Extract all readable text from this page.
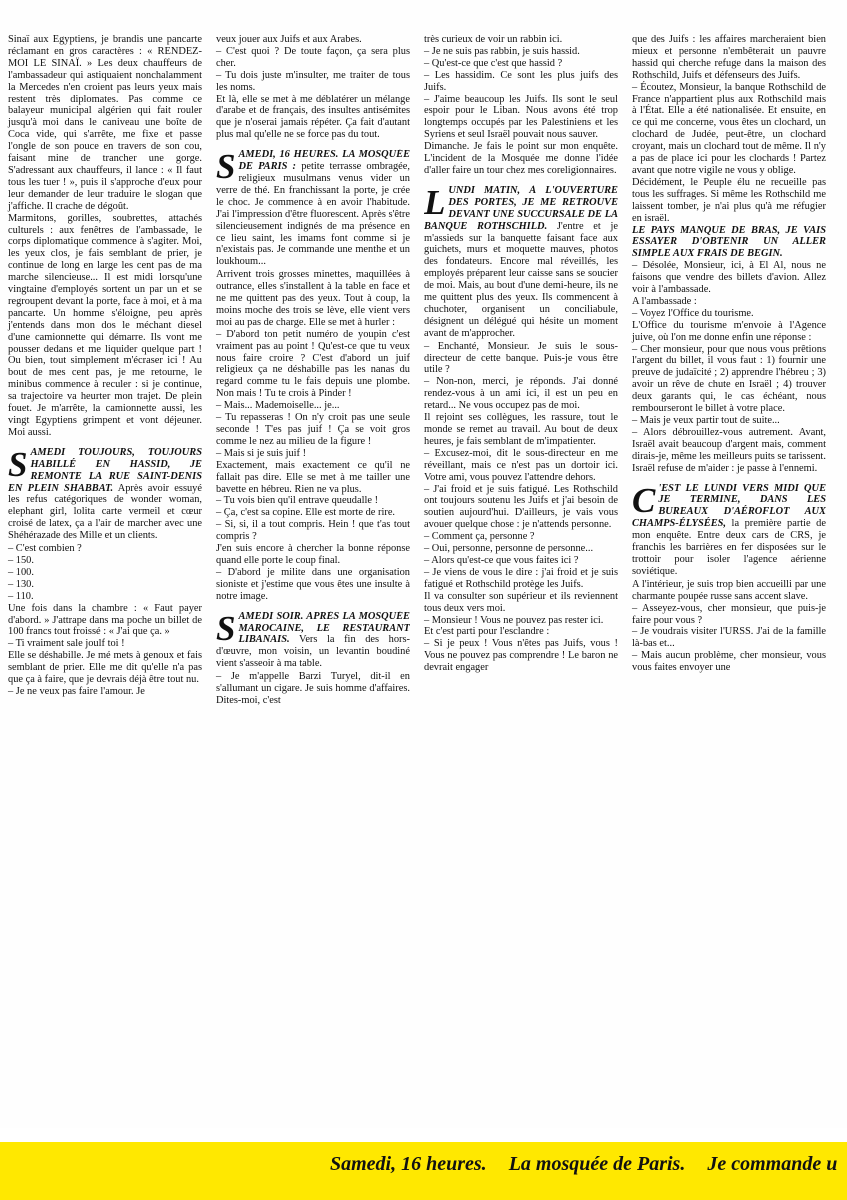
Sinaï aux Egyptiens, je brandis une pancarte réclamant en gros caractères : « RENDEZ-MOI LE SINAÏ. » Les deux chauffeurs de l'ambassadeur qui astiquaient nonchalamment la Mercedes n'en croient pas leurs yeux mais restent très diplomates. Pas comme ce balayeur municipal algérien qui fait rouler jusqu'à moi dans le caniveau une boîte de Coca vide, qui s'arrête, me fixe et passe l'ongle de son pouce en travers de son cou, faisant mine de trancher une gorge. S'adressant aux chauffeurs, il lance : « Il faut tous les tuer ! », puis il s'approche d'eux pour leur demander de leur traduire le slogan que j'affiche. Il crache de dégoût.

Marmitons, gorilles, soubrettes, attachés culturels : aux fenêtres de l'ambassade, le corps diplomatique commence à s'agiter. Moi, les yeux clos, je fais semblant de prier, je continue de long en large les cent pas de ma marche silencieuse... Il est midi lorsqu'une vingtaine d'employés sortent un par un et se regroupent devant la porte, face à moi, et à ma pancarte. Un homme s'éloigne, peu après j'entends dans mon dos le méchant diesel d'une camionnette qui démarre. Ils vont me pousser dedans et me liquider quelque part ! Ou bien, tout simplement m'écraser ici ! Au bout de mes cent pas, je me retourne, le minibus commence à reculer : si je continue, sa trajectoire va heurter mon trajet. De plein fouet. Je m'arrête, la camionnette aussi, les vingt Egyptiens grimpent et vont déjeuner. Moi aussi.

S AMEDI TOUJOURS, TOUJOURS HABILLÉ EN HASSID, JE REMONTE LA RUE SAINT-DENIS EN PLEIN SHABBAT. Après avoir essuyé les refus catégoriques de wonder woman, elephant girl, lolita carte vermeil et cœur croisé de latex, ça a l'air de marcher avec une Shéhérazade des Mille et un clients.

– C'est combien ?

– 150.

– 100.

– 130.

– 110.

Une fois dans la chambre : « Faut payer d'abord. » J'attrape dans ma poche un billet de 100 francs tout froissé : « J'ai que ça. »

– Ti vraiment sale joulf toi !

Elle se déshabille. Je mé mets à genoux et fais semblant de prier. Elle me dit qu'elle n'a pas que ça à faire, que je devrais déjà être tout nu.

– Je ne veux pas faire l'amour. Je

veux jouer aux Juifs et aux Arabes.

– C'est quoi ? De toute façon, ça sera plus cher.

– Tu dois juste m'insulter, me traiter de tous les noms.

Et là, elle se met à me déblatérer un mélange d'arabe et de français, des insultes antisémites que je n'oserai jamais répéter. Ça fait d'autant plus mal qu'elle ne se force pas du tout.

S AMEDI, 16 HEURES. LA MOSQUÉE DE PARIS : petite terrasse ombragée, religieux musulmans venus vider un verre de thé. En franchissant la porte, je crée le choc. Je commence à en avoir l'habitude. J'ai l'impression d'être fluorescent. Après s'être silencieusement indignés de ma présence en ce lieu saint, les imams font comme si je n'existais pas. Je commande une menthe et un loukhoum...

Arrivent trois grosses minettes, maquillées à outrance, elles s'installent à la table en face et ne me quittent pas des yeux. Tout à coup, la moins moche des trois se lève, elle vient vers moi au pas de charge. Elle se met à hurler :

– D'abord ton petit numéro de youpin c'est vraiment pas au point ! Qu'est-ce que tu veux nous faire croire ? C'est d'abord un juif religieux ça ne déshabille pas les nanas du regard comme tu le fais depuis une plombe. Non mais ! Tu te crois à Pinder !

– Mais... Mademoiselle... je...

– Tu repasseras ! On n'y croit pas une seule seconde ! T'es pas juif ! Ça se voit gros comme le nez au milieu de la figure !

– Mais si je suis juif !

Exactement, mais exactement ce qu'il ne fallait pas dire. Elle se met à me tailler une bavette en hébreu. Rien ne va plus.

– Tu vois bien qu'il entrave queudalle !

– Ça, c'est sa copine. Elle est morte de rire.

– Si, si, il a tout compris. Hein ! que t'as tout compris ?

J'en suis encore à chercher la bonne réponse quand elle porte le coup final.

– D'abord je milite dans une organisation sioniste et j'estime que vous êtes une insulte à notre image.

S AMEDI SOIR. APRÈS LA MOSQUÉE MAROCAINE, LE RESTAURANT LIBANAIS. Vers la fin des hors-d'œuvre, mon voisin, un levantin boudiné vient s'asseoir à ma table.

– Je m'appelle Barzi Turyel, dit-il en s'allumant un cigare. Je suis homme d'affaires. Dites-moi, c'est

très curieux de voir un rabbin ici.

– Je ne suis pas rabbin, je suis hassid.

– Qu'est-ce que c'est que hassid ?

– Les hassidim. Ce sont les plus juifs des Juifs.

– J'aime beaucoup les Juifs. Ils sont le seul espoir pour le Liban. Nous avons été trop longtemps occupés par les Palestiniens et les Syriens et seul Israël pouvait nous sauver.

Dimanche. Je fais le point sur mon enquête. L'incident de la Mosquée me donne l'idée d'aller faire un tour chez mes coreligionnaires.

L UNDI MATIN, À L'OUVERTURE DES PORTES, JE ME RETROUVE DEVANT UNE SUCCURSALE DE LA BANQUE ROTHSCHILD. J'entre et je m'assieds sur la banquette faisant face aux guichets, murs et moquette mauves, photos des fondateurs. Encore mal réveillés, les employés préparent leur caisse sans se soucier de moi. Mais, au bout d'une demi-heure, ils ne me quittent plus des yeux. Ils commencent à chuchoter, organisent un conciliabule, désignent un délégué qui hésite un moment avant de m'approcher.

– Enchanté, Monsieur. Je suis le sous-directeur de cette banque. Puis-je vous être utile ?

– Non-non, merci, je réponds. J'ai donné rendez-vous à un ami ici, il est un peu en retard... Ne vous occupez pas de moi.

Il rejoint ses collègues, les rassure, tout le monde se remet au travail. Au bout de deux heures, je fais semblant de m'impatienter.

– Excusez-moi, dit le sous-directeur en me réveillant, mais ce n'est pas un dortoir ici. Votre ami, vous pouvez l'attendre dehors.

– J'ai froid et je suis fatigué. Les Rothschild ont toujours soutenu les Juifs et j'ai besoin de soutien aujourd'hui. D'ailleurs, je vais vous avouer quelque chose : je n'attends personne.

– Comment ça, personne ?

– Oui, personne, personne de personne...

– Alors qu'est-ce que vous faites ici ?

– Je viens de vous le dire : j'ai froid et je suis fatigué et Rothschild protège les Juifs.

Il va consulter son supérieur et ils reviennent tous deux vers moi.

– Monsieur ! Vous ne pouvez pas rester ici.

Et c'est parti pour l'esclandre :

– Si je peux ! Vous n'êtes pas Juifs, vous ! Vous ne pouvez pas comprendre ! Le baron ne devrait engager

que des Juifs : les affaires marcheraient bien mieux et personne n'embêterait un pauvre hassid qui cherche refuge dans la maison des Rothschild, Juifs et défenseurs des Juifs.

– Écoutez, Monsieur, la banque Rothschild de France n'appartient plus aux Rothschild mais à l'État. Elle a été nationalisée. Et ensuite, en ce qui me concerne, vous êtes un clochard, un clochard de Judée, peut-être, un clochard croyant, mais un clochard tout de même. Il n'y a pas de place ici pour les clochards ! Partez avant que notre vigile ne vous y oblige.

Décidément, le Peuple élu ne recueille pas tous les suffrages. Si même les Rothschild me laissent tomber, je n'ai plus qu'à me réfugier en israël.

LE PAYS MANQUE DE BRAS, JE VAIS ESSAYER D'OBTENIR UN ALLER SIMPLE AUX FRAIS DE BEGIN.

– Désolée, Monsieur, ici, à El Al, nous ne faisons que vendre des billets d'avion. Allez voir à l'ambassade.

A l'ambassade :

– Voyez l'Office du tourisme.

L'Office du tourisme m'envoie à l'Agence juive, où l'on me donne enfin une réponse :

– Cher monsieur, pour que nous vous prêtions l'argent du billet, il vous faut : 1) fournir une preuve de judaïcité ; 2) apprendre l'hébreu ; 3) avoir un rêve de chute en Israël ; 4) trouver deux garants qui, le cas échéant, nous rembourseront le billet à votre place.

– Mais je veux partir tout de suite...

– Alors débrouillez-vous autrement. Avant, Israël avait beaucoup d'argent mais, comment dirais-je, même les meilleurs puits se tarissent.

Israël refuse de m'aider : je passe à l'ennemi.

C 'EST LE LUNDI VERS MIDI QUE JE TERMINE, DANS LES BUREAUX D'AÉROFLOT AUX CHAMPS-ÉLYSÉES, la première partie de mon enquête. Entre deux cars de CRS, je franchis les barrières en fer disposées sur le trottoir pour isoler l'agence aérienne soviétique.

A l'intérieur, je suis trop bien accueilli par une charmante poupée russe sans accent slave.

– Asseyez-vous, cher monsieur, que puis-je faire pour vous ?

– Je voudrais visiter l'URSS. J'ai de la famille là-bas et...

– Mais aucun problème, cher monsieur, vous vous faites envoyer une

Samedi, 16 heures. La mosquée de Paris. Je commande u
